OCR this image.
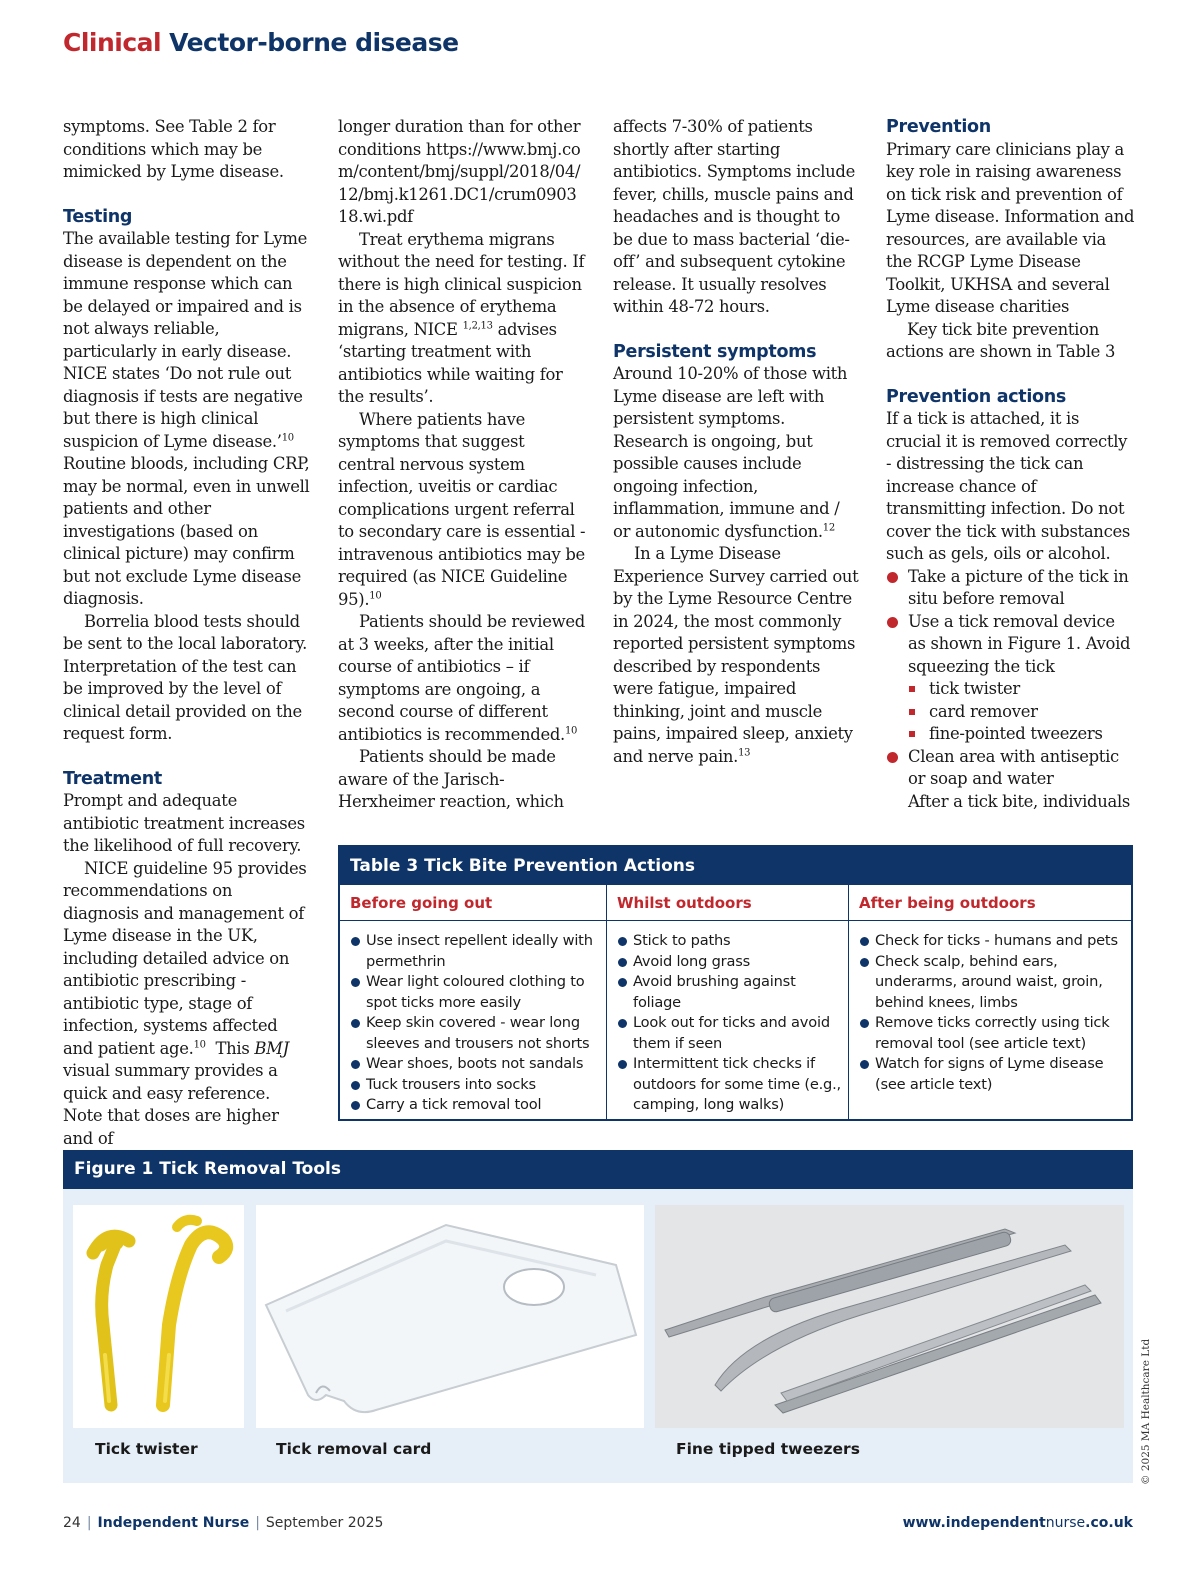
Clinical Vector-borne disease

symptoms. See Table 2 for conditions which may be mimicked by Lyme disease.

Testing

The available testing for Lyme disease is dependent on the immune response which can be delayed or impaired and is not always reliable, particularly in early disease. NICE states ‘Do not rule out diagnosis if tests are negative but there is high clinical suspicion of Lyme disease.’$^{10}$ Routine bloods, including CRP, may be normal, even in unwell patients and other investigations (based on clinical picture) may confirm but not exclude Lyme disease diagnosis.

Borrelia blood tests should be sent to the local laboratory. Interpretation of the test can be improved by the level of clinical detail provided on the request form.

Treatment

Prompt and adequate antibiotic treatment increases the likelihood of full recovery.

NICE guideline 95 provides recommendations on diagnosis and management of Lyme disease in the UK, including detailed advice on antibiotic prescribing - antibiotic type, stage of infection, systems affected and patient age.$^{10}$ This BMJ visual summary provides a quick and easy reference. Note that doses are higher and of

longer duration than for other conditions https://www.bmj.com/content/bmj/suppl/2018/04/12/bmj.k1261.DC1/crum090318.wi.pdf

Treat erythema migrans without the need for testing. If there is high clinical suspicion in the absence of erythema migrans, NICE $^{1,2,13}$ advises ‘starting treatment with antibiotics while waiting for the results’.

Where patients have symptoms that suggest central nervous system infection, uveitis or cardiac complications urgent referral to secondary care is essential - intravenous antibiotics may be required (as NICE Guideline 95).$^{10}$

Patients should be reviewed at 3 weeks, after the initial course of antibiotics – if symptoms are ongoing, a second course of different antibiotics is recommended.$^{10}$

Patients should be made aware of the Jarisch-Herxheimer reaction, which

affects 7-30% of patients shortly after starting antibiotics. Symptoms include fever, chills, muscle pains and headaches and is thought to be due to mass bacterial ‘die-off’ and subsequent cytokine release. It usually resolves within 48-72 hours.

Persistent symptoms

Around 10-20% of those with Lyme disease are left with persistent symptoms. Research is ongoing, but possible causes include ongoing infection, inflammation, immune and / or autonomic dysfunction.$^{12}$

In a Lyme Disease Experience Survey carried out by the Lyme Resource Centre in 2024, the most commonly reported persistent symptoms described by respondents were fatigue, impaired thinking, joint and muscle pains, impaired sleep, anxiety and nerve pain.$^{13}$

Prevention

Primary care clinicians play a key role in raising awareness on tick risk and prevention of Lyme disease. Information and resources, are available via the RCGP Lyme Disease Toolkit, UKHSA and several Lyme disease charities

Key tick bite prevention actions are shown in Table 3

Prevention actions

If a tick is attached, it is crucial it is removed correctly - distressing the tick can increase chance of transmitting infection. Do not cover the tick with substances such as gels, oils or alcohol.

Take a picture of the tick in situ before removal
Use a tick removal device as shown in Figure 1. Avoid squeezing the tick
tick twister
card remover
fine-pointed tweezers
Clean area with antiseptic or soap and water

After a tick bite, individuals

Table 3 Tick Bite Prevention Actions
Before going out
Use insect repellent ideally with permethrin
Wear light coloured clothing to spot ticks more easily
Keep skin covered - wear long sleeves and trousers not shorts
Wear shoes, boots not sandals
Tuck trousers into socks
Carry a tick removal tool
Whilst outdoors
Stick to paths
Avoid long grass
Avoid brushing against foliage
Look out for ticks and avoid them if seen
Intermittent tick checks if outdoors for some time (e.g., camping, long walks)
After being outdoors
Check for ticks - humans and pets
Check scalp, behind ears, underarms, around waist, groin, behind knees, limbs
Remove ticks correctly using tick removal tool (see article text)
Watch for signs of Lyme disease (see article text)
Figure 1 Tick Removal Tools
Tick twister	Tick removal card	Fine tipped tweezers	© 2025 MA Healthcare Ltd
24 | Independent Nurse | September 2025	www.independentnurse.co.uk
